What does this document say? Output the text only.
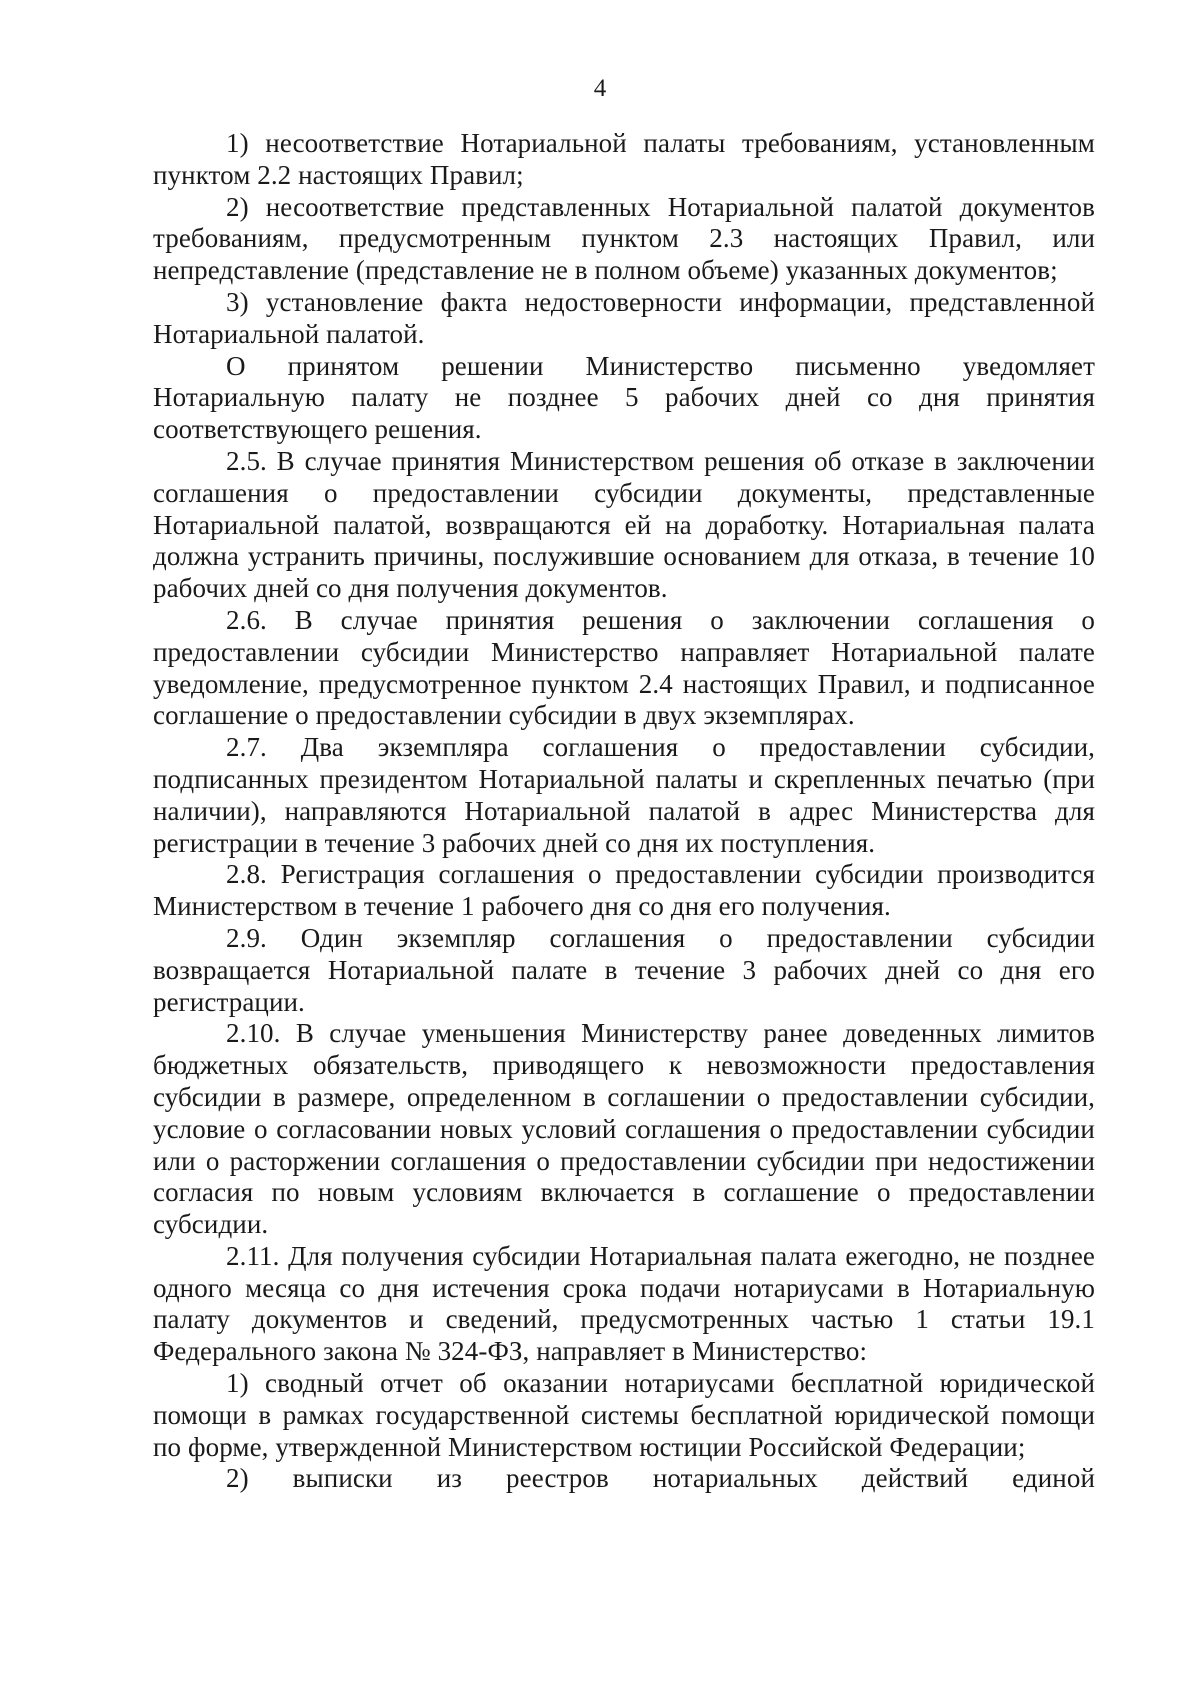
4

1) несоответствие Нотариальной палаты требованиям, установленным пунктом 2.2 настоящих Правил;

2) несоответствие представленных Нотариальной палатой документов требованиям, предусмотренным пунктом 2.3 настоящих Правил, или непредставление (представление не в полном объеме) указанных документов;

3) установление факта недостоверности информации, представленной Нотариальной палатой.

О принятом решении Министерство письменно уведомляет Нотариальную палату не позднее 5 рабочих дней со дня принятия соответствующего решения.

2.5. В случае принятия Министерством решения об отказе в заключении соглашения о предоставлении субсидии документы, представленные Нотариальной палатой, возвращаются ей на доработку. Нотариальная палата должна устранить причины, послужившие основанием для отказа, в течение 10 рабочих дней со дня получения документов.

2.6. В случае принятия решения о заключении соглашения о предоставлении субсидии Министерство направляет Нотариальной палате уведомление, предусмотренное пунктом 2.4 настоящих Правил, и подписанное соглашение о предоставлении субсидии в двух экземплярах.

2.7. Два экземпляра соглашения о предоставлении субсидии, подписанных президентом Нотариальной палаты и скрепленных печатью (при наличии), направляются Нотариальной палатой в адрес Министерства для регистрации в течение 3 рабочих дней со дня их поступления.

2.8. Регистрация соглашения о предоставлении субсидии производится Министерством в течение 1 рабочего дня со дня его получения.

2.9. Один экземпляр соглашения о предоставлении субсидии возвращается Нотариальной палате в течение 3 рабочих дней со дня его регистрации.

2.10. В случае уменьшения Министерству ранее доведенных лимитов бюджетных обязательств, приводящего к невозможности предоставления субсидии в размере, определенном в соглашении о предоставлении субсидии, условие о согласовании новых условий соглашения о предоставлении субсидии или о расторжении соглашения о предоставлении субсидии при недостижении согласия по новым условиям включается в соглашение о предоставлении субсидии.

2.11. Для получения субсидии Нотариальная палата ежегодно, не позднее одного месяца со дня истечения срока подачи нотариусами в Нотариальную палату документов и сведений, предусмотренных частью 1 статьи 19.1 Федерального закона № 324-ФЗ, направляет в Министерство:

1) сводный отчет об оказании нотариусами бесплатной юридической помощи в рамках государственной системы бесплатной юридической помощи по форме, утвержденной Министерством юстиции Российской Федерации;

2) выписки из реестров нотариальных действий единой
